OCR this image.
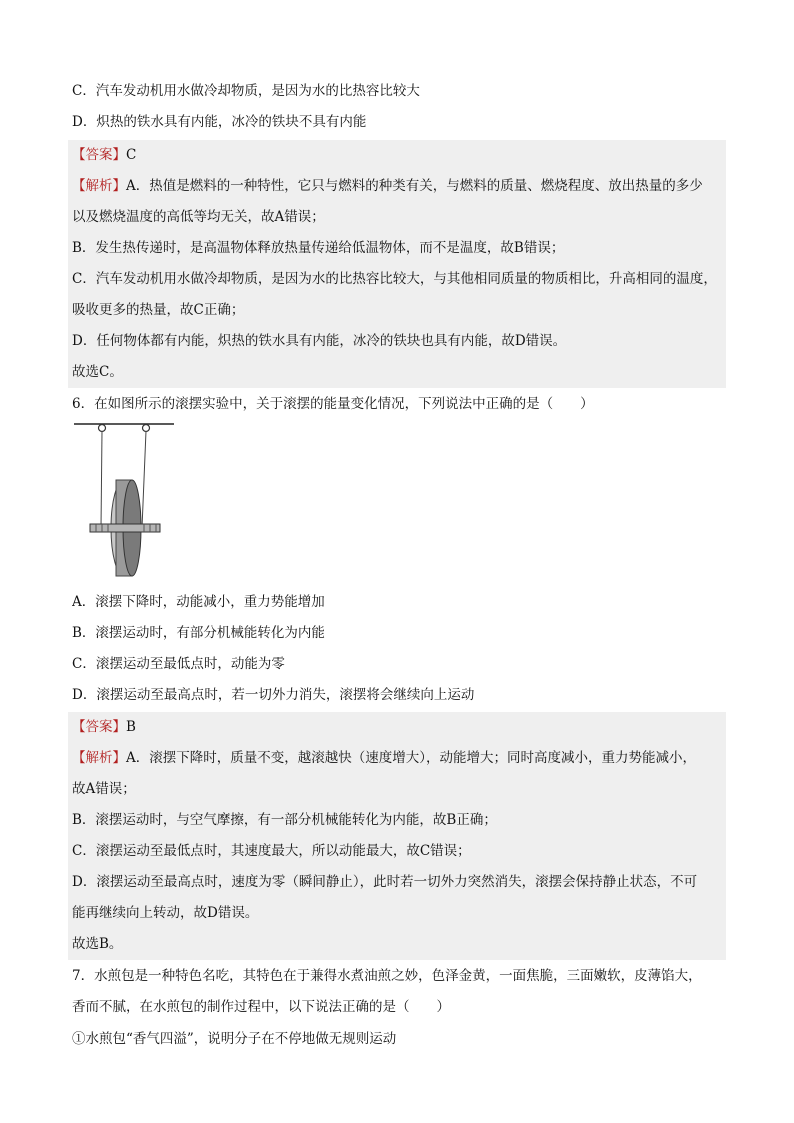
C．汽车发动机用水做冷却物质，是因为水的比热容比较大
D．炽热的铁水具有内能，冰冷的铁块不具有内能
【答案】C
【解析】A．热值是燃料的一种特性，它只与燃料的种类有关，与燃料的质量、燃烧程度、放出热量的多少
以及燃烧温度的高低等均无关，故A错误；
B．发生热传递时，是高温物体释放热量传递给低温物体，而不是温度，故B错误；
C．汽车发动机用水做冷却物质，是因为水的比热容比较大，与其他相同质量的物质相比，升高相同的温度，
吸收更多的热量，故C正确；
D．任何物体都有内能，炽热的铁水具有内能，冰冷的铁块也具有内能，故D错误。
故选C。
6．在如图所示的滚摆实验中，关于滚摆的能量变化情况，下列说法中正确的是（　　）
A．滚摆下降时，动能减小，重力势能增加
B．滚摆运动时，有部分机械能转化为内能
C．滚摆运动至最低点时，动能为零
D．滚摆运动至最高点时，若一切外力消失，滚摆将会继续向上运动
【答案】B
【解析】A．滚摆下降时，质量不变，越滚越快（速度增大），动能增大；同时高度减小，重力势能减小，
故A错误；
B．滚摆运动时，与空气摩擦，有一部分机械能转化为内能，故B正确；
C．滚摆运动至最低点时，其速度最大，所以动能最大，故C错误；
D．滚摆运动至最高点时，速度为零（瞬间静止），此时若一切外力突然消失，滚摆会保持静止状态，不可
能再继续向上转动，故D错误。
故选B。
7．水煎包是一种特色名吃，其特色在于兼得水煮油煎之妙，色泽金黄，一面焦脆，三面嫩软，皮薄馅大，
香而不腻，在水煎包的制作过程中，以下说法正确的是（　　）
①水煎包“香气四溢”，说明分子在不停地做无规则运动
